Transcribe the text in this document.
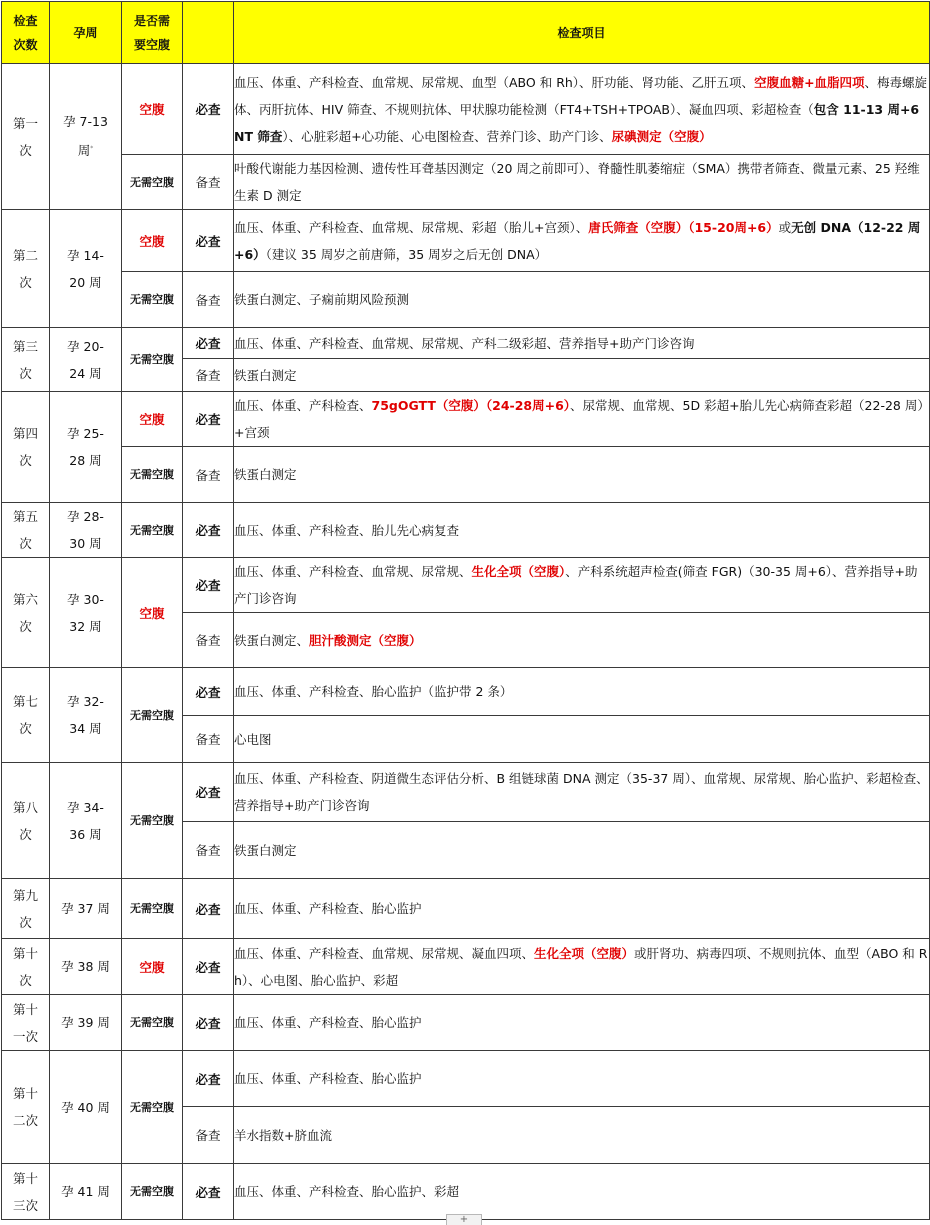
检查次数	孕周	是否需要空腹		检查项目
第一次	孕 7-13 周*	空腹	必查	血压、体重、产科检查、血常规、尿常规、血型（ABO 和 Rh）、肝功能、肾功能、乙肝五项、空腹血糖+血脂四项、梅毒螺旋体、丙肝抗体、HIV 筛查、不规则抗体、甲状腺功能检测（FT4+TSH+TPOAB）、凝血四项、彩超检查（包含 11-13 周+6NT 筛查）、心脏彩超+心功能、心电图检查、营养门诊、助产门诊、尿碘测定（空腹）
		无需空腹	备查	叶酸代谢能力基因检测、遗传性耳聋基因测定（20 周之前即可）、脊髓性肌萎缩症（SMA）携带者筛查、微量元素、25 羟维生素 D 测定
第二次	孕 14-20 周	空腹	必查	血压、体重、产科检查、血常规、尿常规、彩超（胎儿+宫颈）、唐氏筛查（空腹）（15-20周+6）或无创 DNA（12-22 周+6）（建议 35 周岁之前唐筛，35 周岁之后无创 DNA）
		无需空腹	备查	铁蛋白测定、子痫前期风险预测
第三次	孕 20-24 周	无需空腹	必查	血压、体重、产科检查、血常规、尿常规、产科二级彩超、营养指导+助产门诊咨询
			备查	铁蛋白测定
第四次	孕 25-28 周	空腹	必查	血压、体重、产科检查、75gOGTT（空腹）（24-28周+6）、尿常规、血常规、5D 彩超+胎儿先心病筛查彩超（22-28 周）+宫颈
		无需空腹	备查	铁蛋白测定
第五次	孕 28-30 周	无需空腹	必查	血压、体重、产科检查、胎儿先心病复查
第六次	孕 30-32 周	空腹	必查	血压、体重、产科检查、血常规、尿常规、生化全项（空腹）、产科系统超声检查(筛查 FGR)（30-35 周+6）、营养指导+助产门诊咨询
			备查	铁蛋白测定、胆汁酸测定（空腹）
第七次	孕 32-34 周	无需空腹	必查	血压、体重、产科检查、胎心监护（监护带 2 条）
			备查	心电图
第八次	孕 34-36 周	无需空腹	必查	血压、体重、产科检查、阴道微生态评估分析、B 组链球菌 DNA 测定（35-37 周）、血常规、尿常规、胎心监护、彩超检查、营养指导+助产门诊咨询
			备查	铁蛋白测定
第九次	孕 37 周	无需空腹	必查	血压、体重、产科检查、胎心监护
第十次	孕 38 周	空腹	必查	血压、体重、产科检查、血常规、尿常规、凝血四项、生化全项（空腹）或肝肾功、病毒四项、不规则抗体、血型（ABO 和 Rh）、心电图、胎心监护、彩超
第十一次	孕 39 周	无需空腹	必查	血压、体重、产科检查、胎心监护
第十二次	孕 40 周	无需空腹	必查	血压、体重、产科检查、胎心监护
			备查	羊水指数+脐血流
第十三次	孕 41 周	无需空腹	必查	血压、体重、产科检查、胎心监护、彩超
+
